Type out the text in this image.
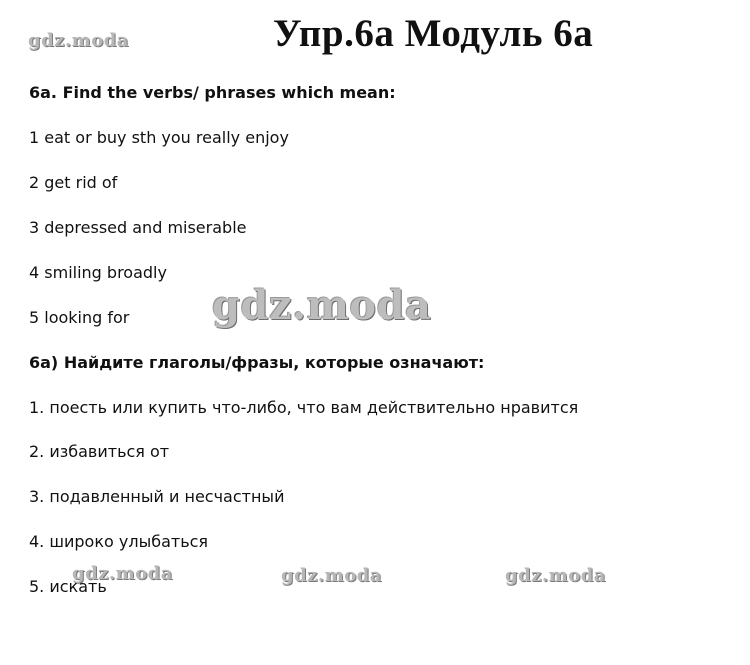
gdz.moda
gdz.moda
gdz.moda	gdz.moda	gdz.moda
Упр.6а Модуль 6а
6a. Find the verbs/ phrases which mean:
1 eat or buy sth you really enjoy
2 get rid of
3 depressed and miserable
4 smiling broadly
5 looking for
6а) Найдите глаголы/фразы, которые означают:
1. поесть или купить что-либо, что вам действительно нравится
2. избавиться от
3. подавленный и несчастный
4. широко улыбаться
5. искать
